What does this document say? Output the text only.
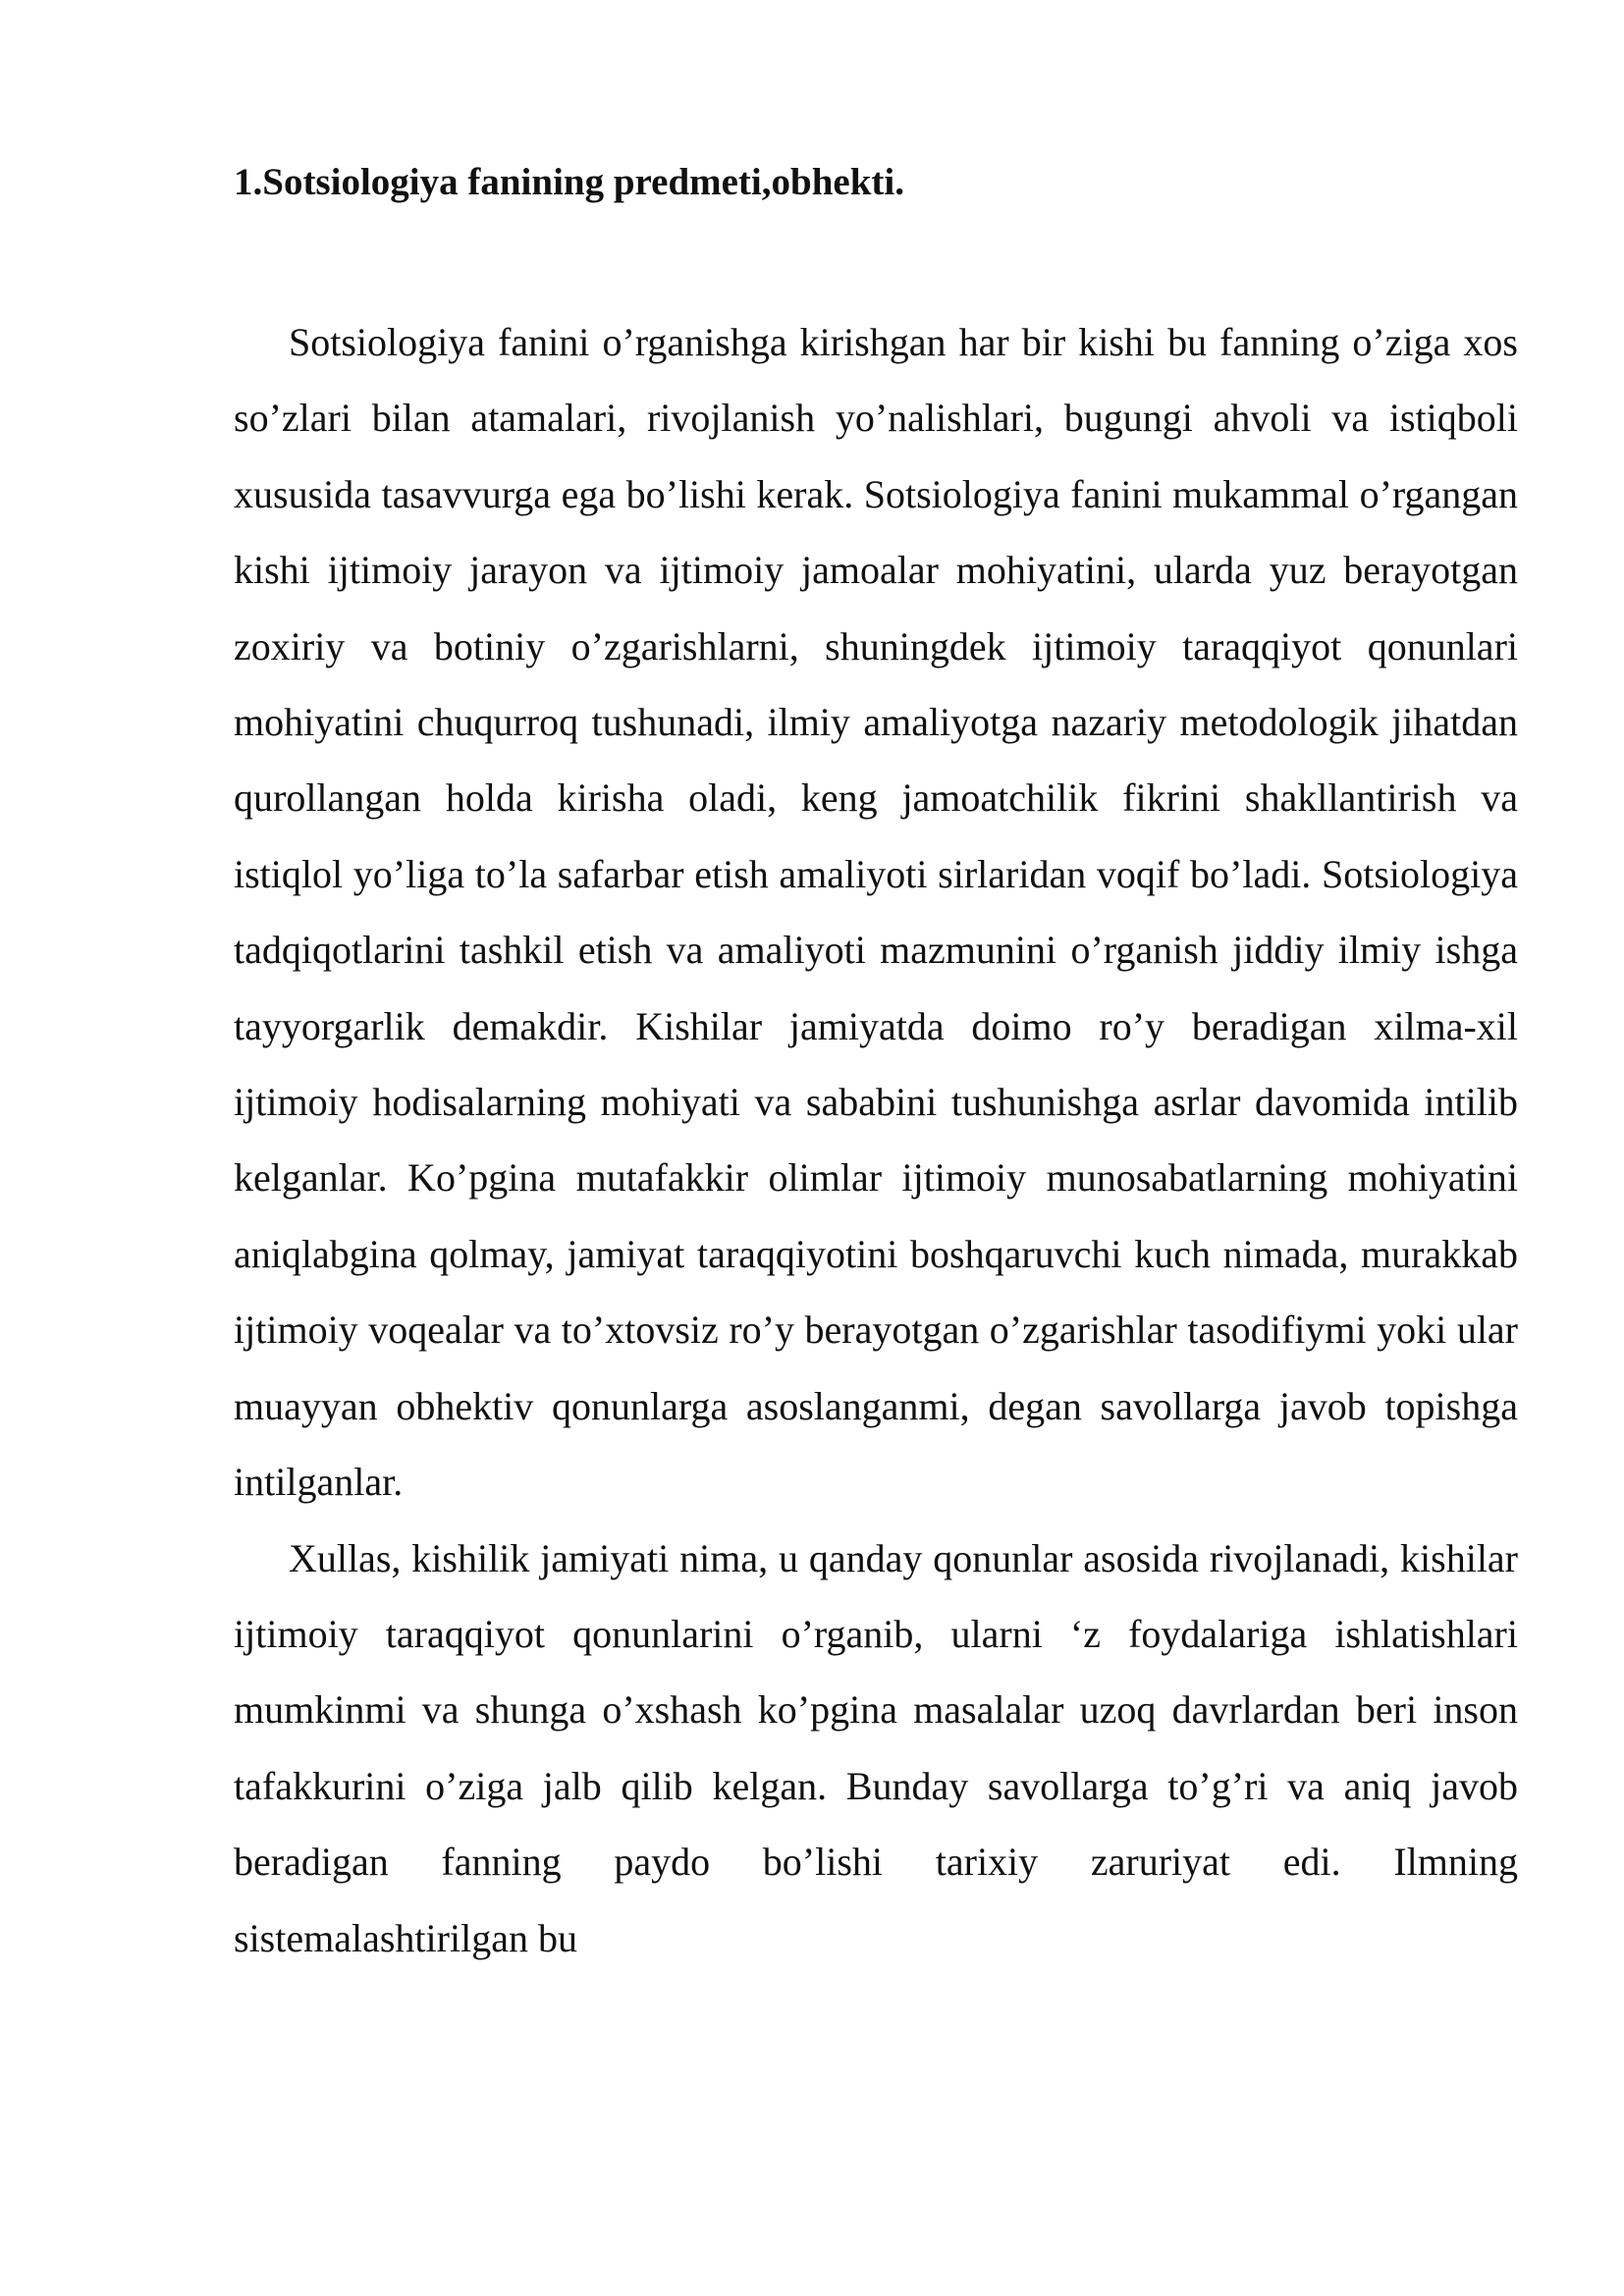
1.Sotsiologiya fanining predmeti,obhekti.

Sotsiologiya fanini o’rganishga kirishgan har bir kishi bu fanning o’ziga xos so’zlari bilan atamalari, rivojlanish yo’nalishlari, bugungi ahvoli va istiqboli xususida tasavvurga ega bo’lishi kerak. Sotsiologiya fanini mukammal o’rgangan kishi ijtimoiy jarayon va ijtimoiy jamoalar mohiyatini, ularda yuz berayotgan zoxiriy va botiniy o’zgarishlarni, shuningdek ijtimoiy taraqqiyot qonunlari mohiyatini chuqurroq tushunadi, ilmiy amaliyotga nazariy metodologik jihatdan qurollangan holda kirisha oladi, keng jamoatchilik fikrini shakllantirish va istiqlol yo’liga to’la safarbar etish amaliyoti sirlaridan voqif bo’ladi. Sotsiologiya tadqiqotlarini tashkil etish va amaliyoti mazmunini o’rganish jiddiy ilmiy ishga tayyorgarlik demakdir. Kishilar jamiyatda doimo ro’y beradigan xilma-xil ijtimoiy hodisalarning mohiyati va sababini tushunishga asrlar davomida intilib kelganlar. Ko’pgina mutafakkir olimlar ijtimoiy munosabatlarning mohiyatini aniqlabgina qolmay, jamiyat taraqqiyotini boshqaruvchi kuch nimada, murakkab ijtimoiy voqealar va to’xtovsiz ro’y berayotgan o’zgarishlar tasodifiymi yoki ular muayyan obhektiv qonunlarga asoslanganmi, degan savollarga javob topishga intilganlar.

Xullas, kishilik jamiyati nima, u qanday qonunlar asosida rivojlanadi, kishilar ijtimoiy taraqqiyot qonunlarini o’rganib, ularni ‘z foydalariga ishlatishlari mumkinmi va shunga o’xshash ko’pgina masalalar uzoq davrlardan beri inson tafakkurini o’ziga jalb qilib kelgan. Bunday savollarga to’g’ri va aniq javob beradigan fanning paydo bo’lishi tarixiy zaruriyat edi. Ilmning sistemalashtirilgan bu
